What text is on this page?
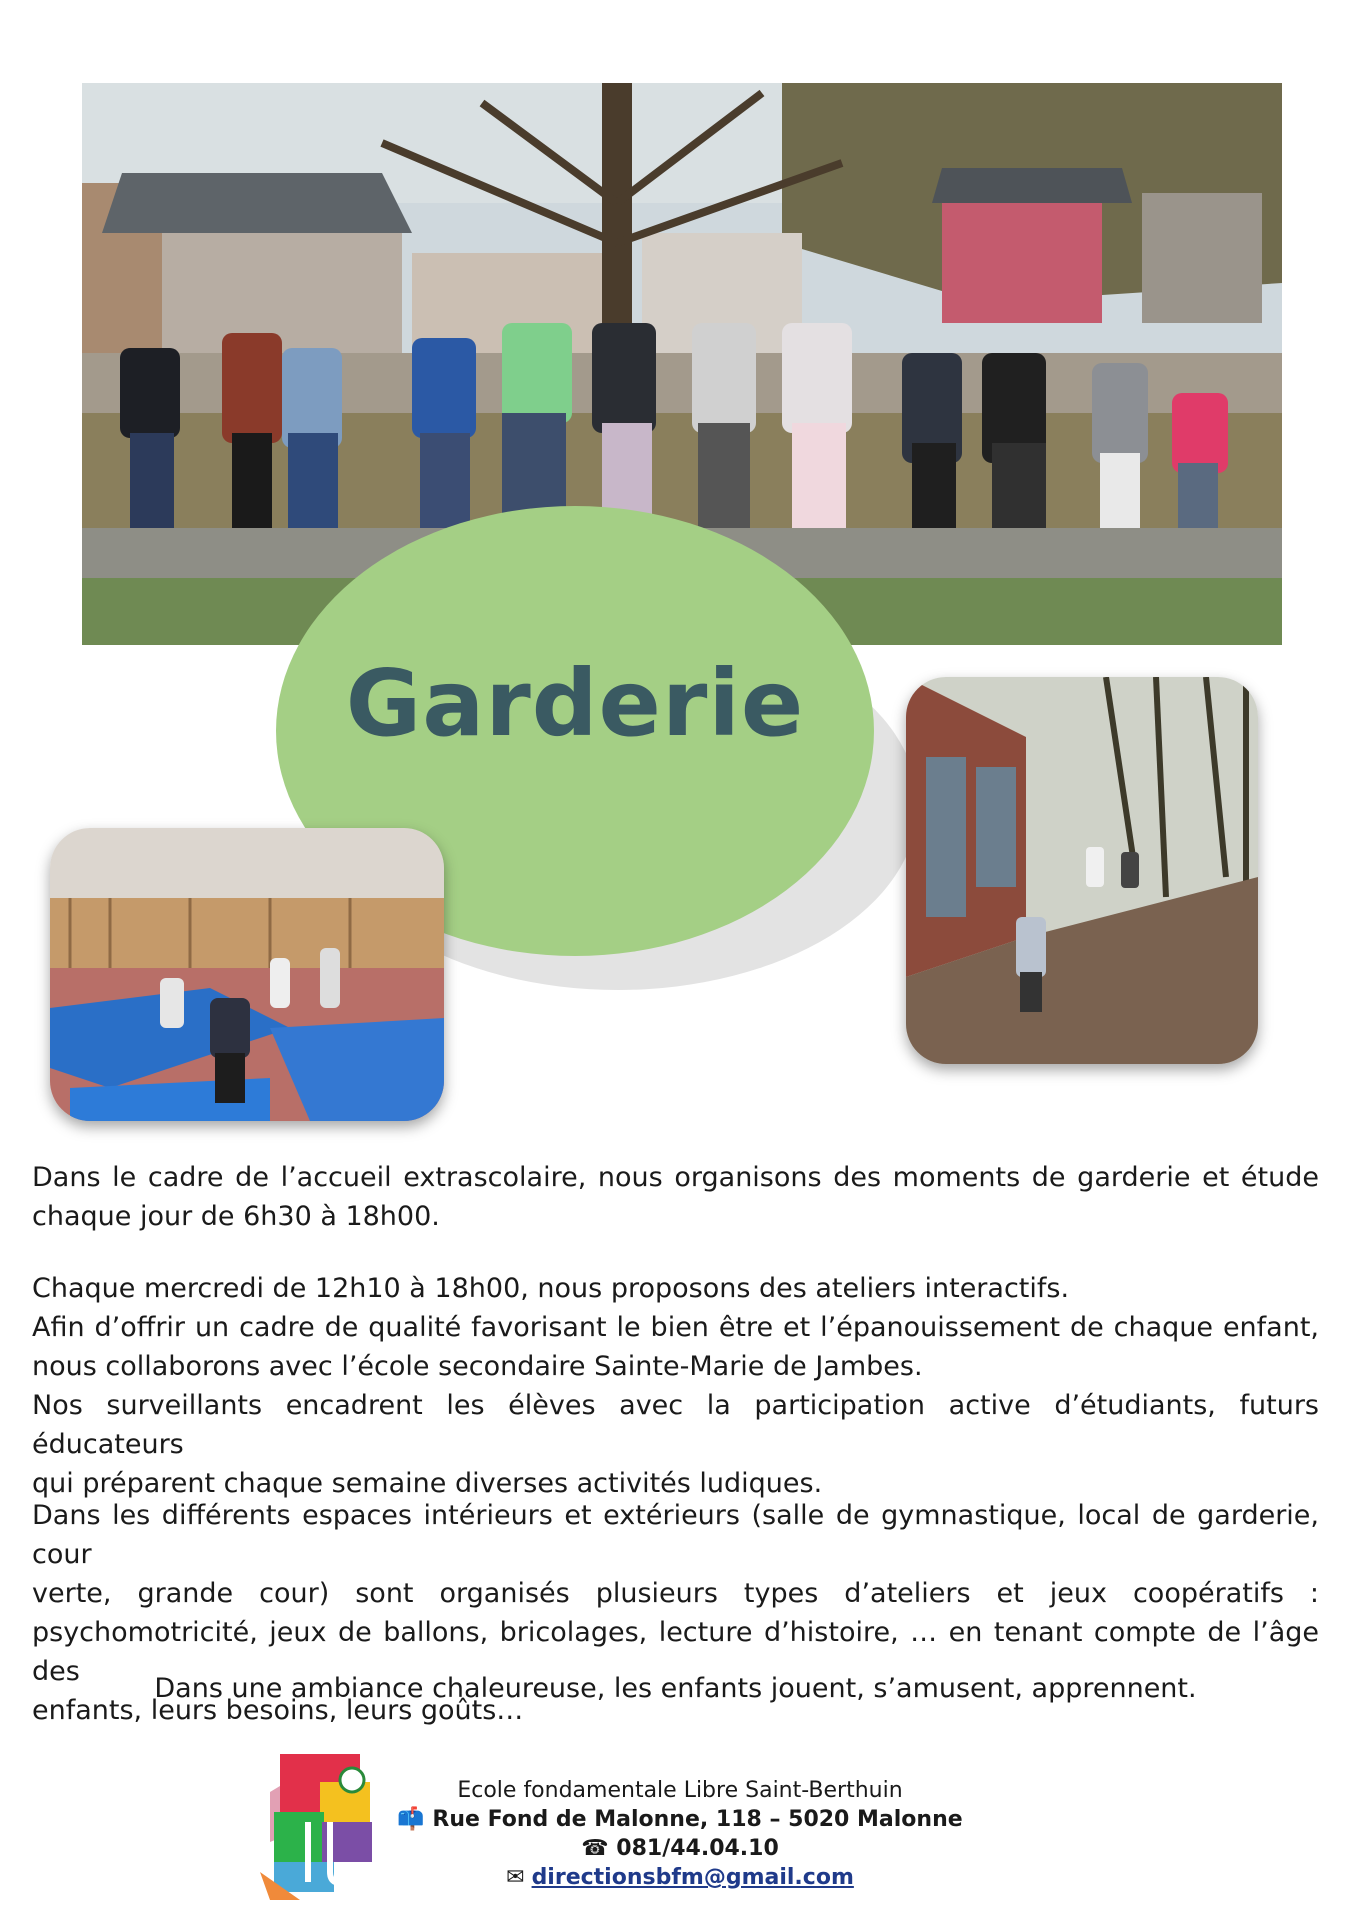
Garderie

Dans le cadre de l’accueil extrascolaire, nous organisons des moments de garderie et étude
chaque jour de 6h30 à 18h00.

Chaque mercredi de 12h10 à 18h00, nous proposons des ateliers interactifs.
Afin d’offrir un cadre de qualité favorisant le bien être et l’épanouissement de chaque enfant,
nous collaborons avec l’école secondaire Sainte-Marie de Jambes.
Nos surveillants encadrent les élèves avec la participation active d’étudiants, futurs éducateurs
qui préparent chaque semaine diverses activités ludiques.

Dans les différents espaces intérieurs et extérieurs (salle de gymnastique, local de garderie, cour
verte, grande cour) sont organisés plusieurs types d’ateliers et jeux coopératifs :
psychomotricité, jeux de ballons, bricolages, lecture d’histoire, … en tenant compte de l’âge des
enfants, leurs besoins, leurs goûts…

Dans une ambiance chaleureuse, les enfants jouent, s’amusent, apprennent.

Ecole fondamentale Libre Saint-Berthuin
📫 Rue Fond de Malonne, 118 – 5020 Malonne
☎ 081/44.04.10
✉ directionsbfm@gmail.com
